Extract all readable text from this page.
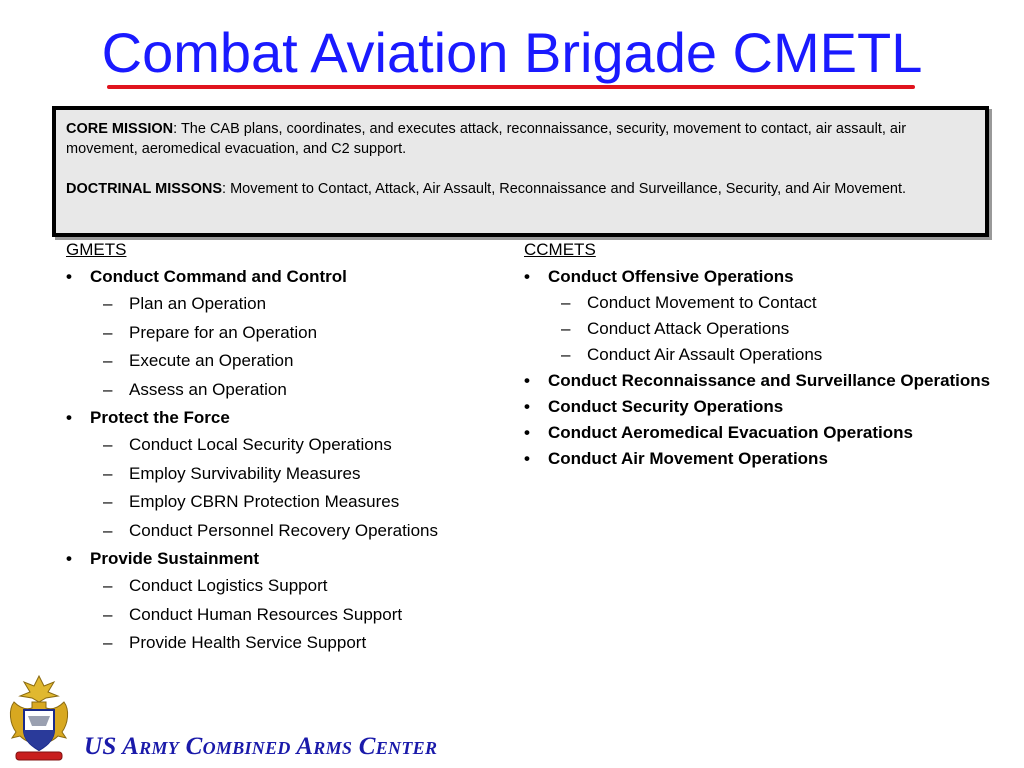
Combat Aviation Brigade CMETL

CORE MISSION: The CAB plans, coordinates, and executes attack, reconnaissance, security, movement to contact, air assault, air movement, aeromedical evacuation, and C2 support.

DOCTRINAL MISSONS: Movement to Contact, Attack, Air Assault, Reconnaissance and Surveillance, Security, and Air Movement.

GMETS
• Conduct Command and Control
– Plan an Operation
– Prepare for an Operation
– Execute an Operation
– Assess an Operation
• Protect the Force
– Conduct Local Security Operations
– Employ Survivability Measures
– Employ CBRN Protection Measures
– Conduct Personnel Recovery Operations
• Provide Sustainment
– Conduct Logistics Support
– Conduct Human Resources Support
– Provide Health Service Support
CCMETS
• Conduct Offensive Operations
– Conduct Movement to Contact
– Conduct Attack Operations
– Conduct Air Assault Operations
• Conduct Reconnaissance and Surveillance Operations
• Conduct Security Operations
• Conduct Aeromedical Evacuation Operations
• Conduct Air Movement Operations
US Army Combined Arms Center
